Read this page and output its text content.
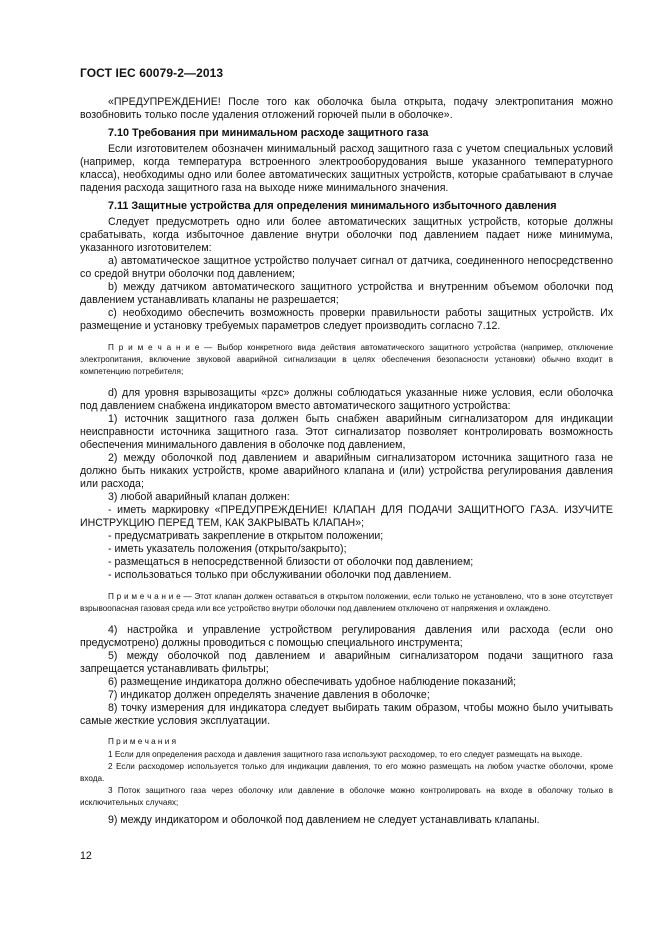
ГОСТ IEC 60079-2—2013

«ПРЕДУПРЕЖДЕНИЕ! После того как оболочка была открыта, подачу электропитания можно возобновить только после удаления отложений горючей пыли в оболочке».

7.10 Требования при минимальном расходе защитного газа

Если изготовителем обозначен минимальный расход защитного газа с учетом специальных условий (например, когда температура встроенного электрооборудования выше указанного температурного класса), необходимы одно или более автоматических защитных устройств, которые срабатывают в случае падения расхода защитного газа на выходе ниже минимального значения.

7.11 Защитные устройства для определения минимального избыточного давления

Следует предусмотреть одно или более автоматических защитных устройств, которые должны срабатывать, когда избыточное давление внутри оболочки под давлением падает ниже минимума, указанного изготовителем:

a) автоматическое защитное устройство получает сигнал от датчика, соединенного непосредственно со средой внутри оболочки под давлением;

b) между датчиком автоматического защитного устройства и внутренним объемом оболочки под давлением устанавливать клапаны не разрешается;

c) необходимо обеспечить возможность проверки правильности работы защитных устройств. Их размещение и установку требуемых параметров следует производить согласно 7.12.

П р и м е ч а н и е — Выбор конкретного вида действия автоматического защитного устройства (например, отключение электропитания, включение звуковой аварийной сигнализации в целях обеспечения безопасности установки) обычно входит в компетенцию потребителя;

d) для уровня взрывозащиты «pzc» должны соблюдаться указанные ниже условия, если оболочка под давлением снабжена индикатором вместо автоматического защитного устройства:

1) источник защитного газа должен быть снабжен аварийным сигнализатором для индикации неисправности источника защитного газа. Этот сигнализатор позволяет контролировать возможность обеспечения минимального давления в оболочке под давлением,

2) между оболочкой под давлением и аварийным сигнализатором источника защитного газа не должно быть никаких устройств, кроме аварийного клапана и (или) устройства регулирования давления или расхода;

3) любой аварийный клапан должен:

- иметь маркировку «ПРЕДУПРЕЖДЕНИЕ! КЛАПАН ДЛЯ ПОДАЧИ ЗАЩИТНОГО ГАЗА. ИЗУЧИТЕ ИНСТРУКЦИЮ ПЕРЕД ТЕМ, КАК ЗАКРЫВАТЬ КЛАПАН»;

- предусматривать закрепление в открытом положении;

- иметь указатель положения (открыто/закрыто);

- размещаться в непосредственной близости от оболочки под давлением;

- использоваться только при обслуживании оболочки под давлением.

П р и м е ч а н и е — Этот клапан должен оставаться в открытом положении, если только не установлено, что в зоне отсутствует взрывоопасная газовая среда или все устройство внутри оболочки под давлением отключено от напряжения и охлаждено.

4) настройка и управление устройством регулирования давления или расхода (если оно предусмотрено) должны проводиться с помощью специального инструмента;

5) между оболочкой под давлением и аварийным сигнализатором подачи защитного газа запрещается устанавливать фильтры;

6) размещение индикатора должно обеспечивать удобное наблюдение показаний;

7) индикатор должен определять значение давления в оболочке;

8) точку измерения для индикатора следует выбирать таким образом, чтобы можно было учитывать самые жесткие условия эксплуатации.

П р и м е ч а н и я

1 Если для определения расхода и давления защитного газа используют расходомер, то его следует размещать на выходе.

2 Если расходомер используется только для индикации давления, то его можно размещать на любом участке оболочки, кроме входа.

3 Поток защитного газа через оболочку или давление в оболочке можно контролировать на входе в оболочку только в исключительных случаях;

9) между индикатором и оболочкой под давлением не следует устанавливать клапаны.

12
